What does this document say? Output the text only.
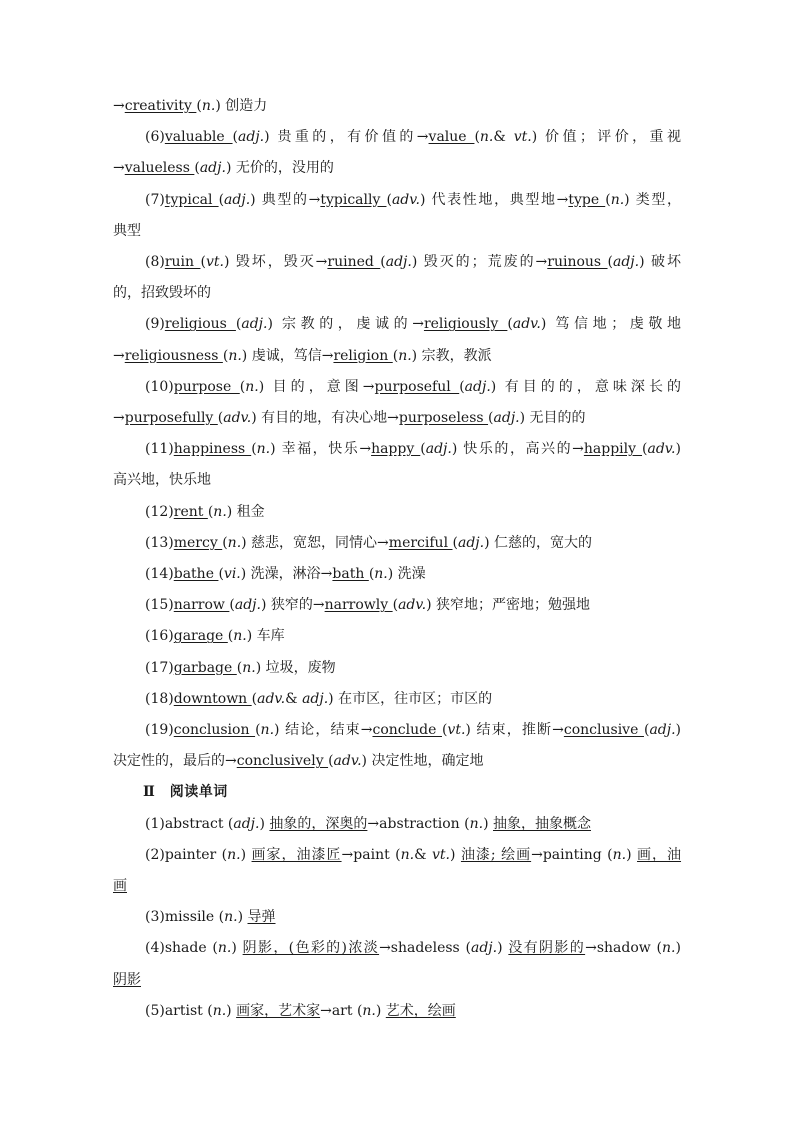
→creativity (n.) 创造力
(6)valuable (adj.) 贵重的，有价值的→value (n.& vt.) 价值；评价，重视
→valueless (adj.) 无价的，没用的
(7)typical (adj.) 典型的→typically (adv.) 代表性地，典型地→type (n.) 类型，
典型
(8)ruin (vt.) 毁坏，毁灭→ruined (adj.) 毁灭的；荒废的→ruinous (adj.) 破坏
的，招致毁坏的
(9)religious (adj.) 宗教的，虔诚的→religiously (adv.) 笃信地；虔敬地
→religiousness (n.) 虔诚，笃信→religion (n.) 宗教，教派
(10)purpose (n.) 目的，意图→purposeful (adj.) 有目的的，意味深长的
→purposefully (adv.) 有目的地，有决心地→purposeless (adj.) 无目的的
(11)happiness (n.) 幸福，快乐→happy (adj.) 快乐的，高兴的→happily (adv.)
高兴地，快乐地
(12)rent (n.) 租金
(13)mercy (n.) 慈悲，宽恕，同情心→merciful (adj.) 仁慈的，宽大的
(14)bathe (vi.) 洗澡，淋浴→bath (n.) 洗澡
(15)narrow (adj.) 狭窄的→narrowly (adv.) 狭窄地；严密地；勉强地
(16)garage (n.) 车库
(17)garbage (n.) 垃圾，废物
(18)downtown (adv.& adj.) 在市区，往市区；市区的
(19)conclusion (n.) 结论，结束→conclude (vt.) 结束，推断→conclusive (adj.)
决定性的，最后的→conclusively (adv.) 决定性地，确定地
Ⅱ　阅读单词
(1)abstract (adj.) 抽象的，深奥的→abstraction (n.) 抽象，抽象概念
(2)painter (n.) 画家，油漆匠→paint (n.& vt.) 油漆; 绘画→painting (n.) 画，油
画
(3)missile (n.) 导弹
(4)shade (n.) 阴影，(色彩的)浓淡→shadeless (adj.) 没有阴影的→shadow (n.)
阴影
(5)artist (n.) 画家，艺术家→art (n.) 艺术，绘画
